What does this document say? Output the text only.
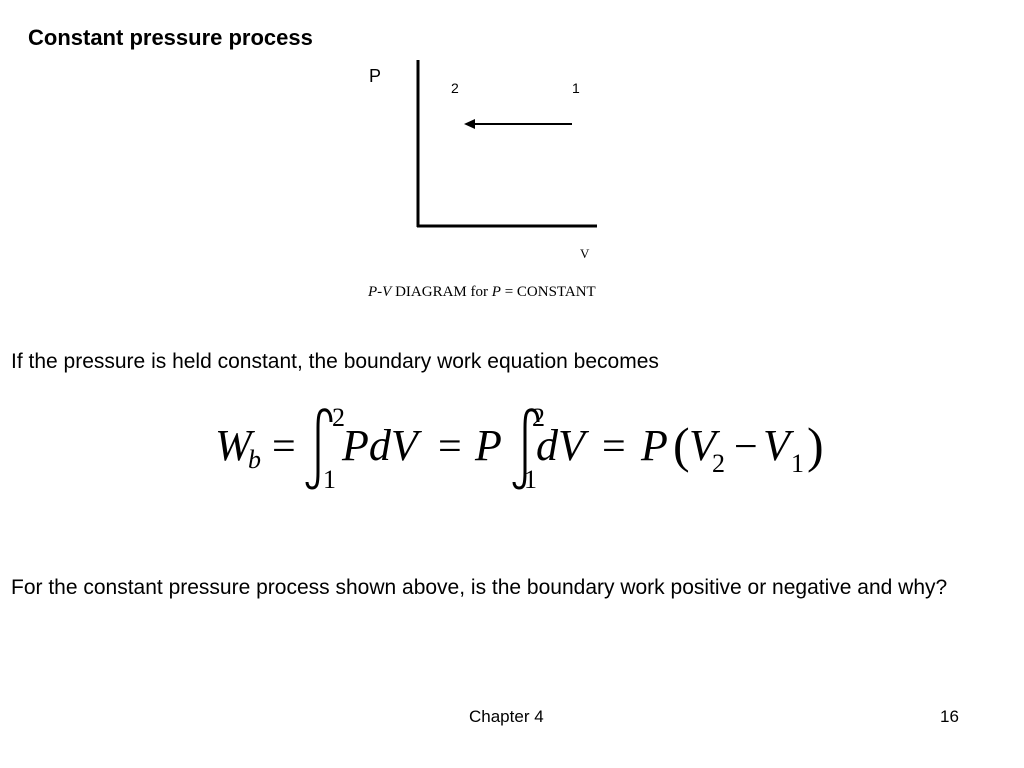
Constant pressure process
P
2	1
V
P-V DIAGRAM for P = CONSTANT
If the pressure is held constant, the boundary work equation becomes
W
b =
2
1
PdV = P
2
1
dV = P ( V
2 − V 1 )
For the constant pressure process shown above, is the boundary work positive or negative and why?
Chapter 4	16
